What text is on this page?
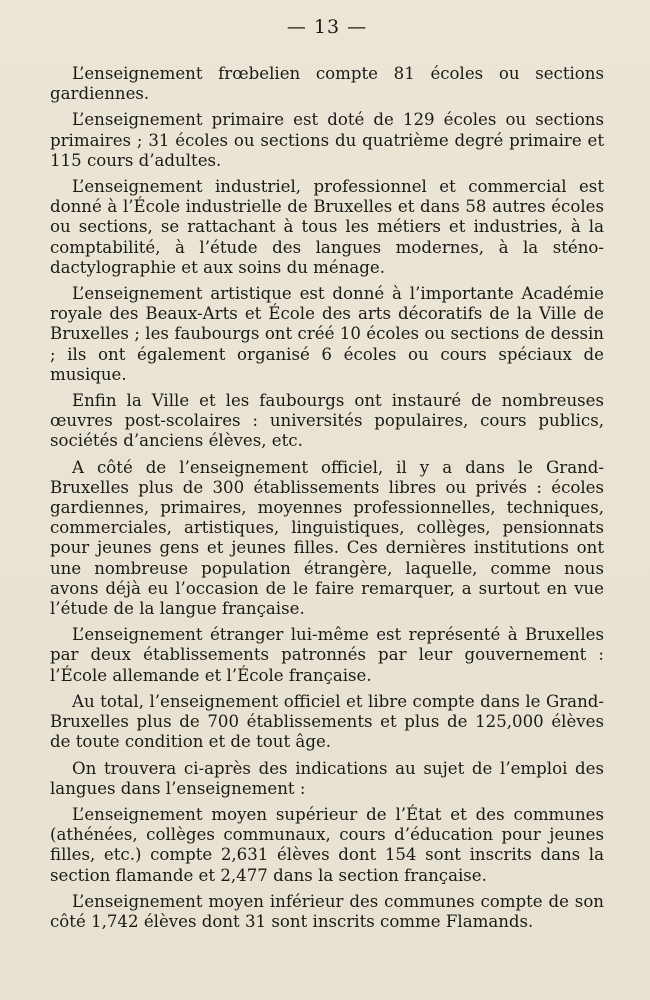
— 13 —

L’enseignement frœbelien compte 81 écoles ou sections gardiennes.

L’enseignement primaire est doté de 129 écoles ou sections primaires ; 31 écoles ou sections du quatrième degré primaire et 115 cours d’adultes.

L’enseignement industriel, professionnel et commercial est donné à l’École industrielle de Bruxelles et dans 58 autres écoles ou sections, se rattachant à tous les métiers et industries, à la comptabilité, à l’étude des langues modernes, à la sténo-dactylographie et aux soins du ménage.

L’enseignement artistique est donné à l’importante Académie royale des Beaux-Arts et École des arts décoratifs de la Ville de Bruxelles ; les faubourgs ont créé 10 écoles ou sections de dessin ; ils ont également organisé 6 écoles ou cours spéciaux de musique.

Enfin la Ville et les faubourgs ont instauré de nombreuses œuvres post-scolaires : universités populaires, cours publics, sociétés d’anciens élèves, etc.

A côté de l’enseignement officiel, il y a dans le Grand-Bruxelles plus de 300 établissements libres ou privés : écoles gardiennes, primaires, moyennes professionnelles, techniques, commerciales, artistiques, linguistiques, collèges, pensionnats pour jeunes gens et jeunes filles. Ces dernières institutions ont une nombreuse population étrangère, laquelle, comme nous avons déjà eu l’occasion de le faire remarquer, a surtout en vue l’étude de la langue française.

L’enseignement étranger lui-même est représenté à Bruxelles par deux établissements patronnés par leur gouvernement : l’École allemande et l’École française.

Au total, l’enseignement officiel et libre compte dans le Grand-Bruxelles plus de 700 établissements et plus de 125,000 élèves de toute condition et de tout âge.

On trouvera ci-après des indications au sujet de l’emploi des langues dans l’enseignement :

L’enseignement moyen supérieur de l’État et des communes (athénées, collèges communaux, cours d’éducation pour jeunes filles, etc.) compte 2,631 élèves dont 154 sont inscrits dans la section flamande et 2,477 dans la section française.

L’enseignement moyen inférieur des communes compte de son côté 1,742 élèves dont 31 sont inscrits comme Flamands.
